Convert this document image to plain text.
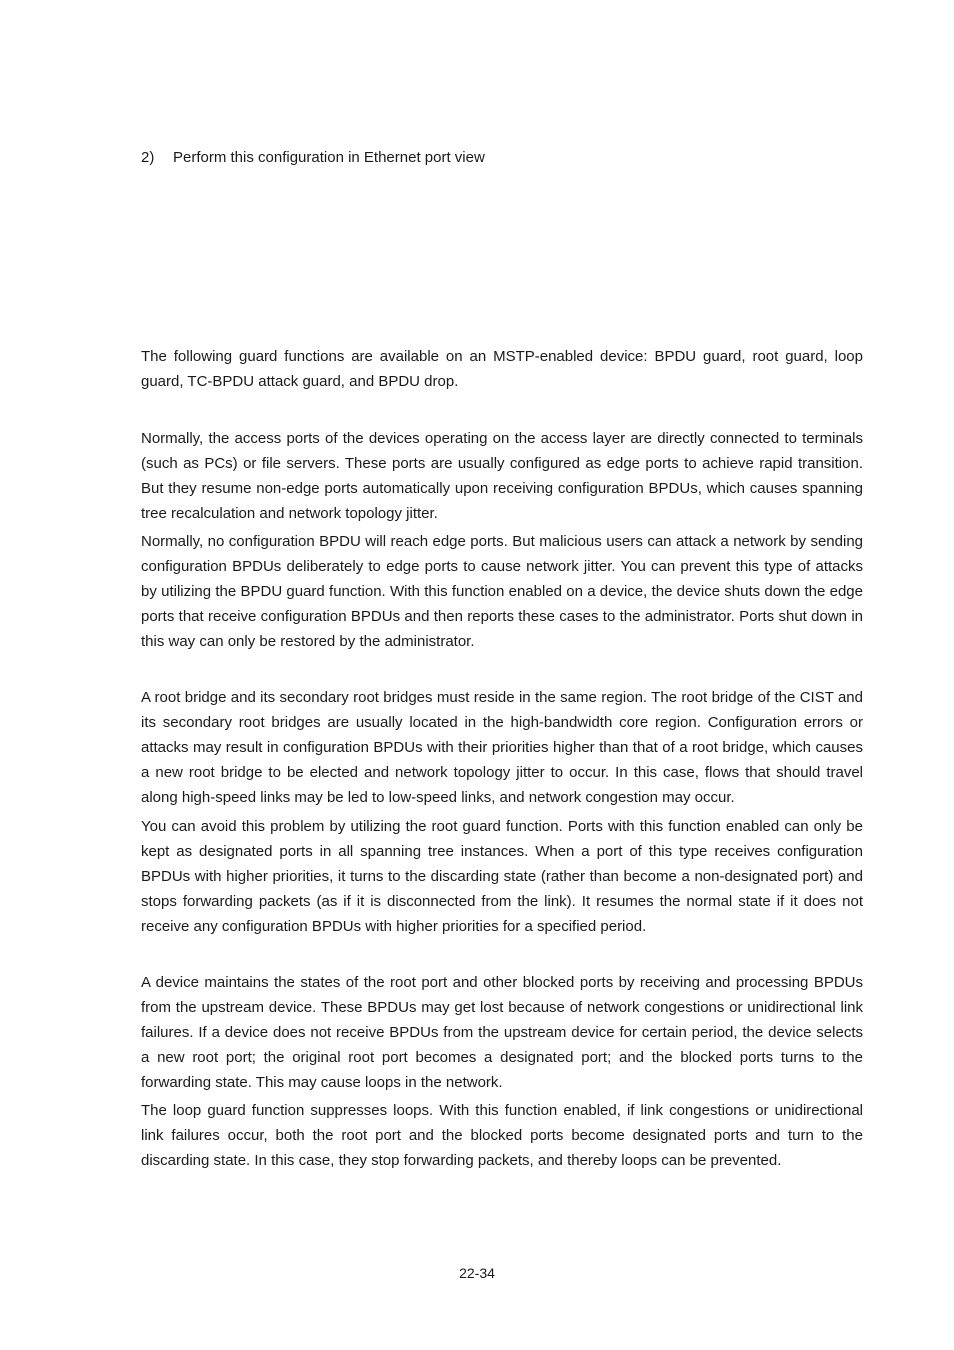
2) Perform this configuration in Ethernet port view

The following guard functions are available on an MSTP-enabled device: BPDU guard, root guard, loop guard, TC-BPDU attack guard, and BPDU drop.

Normally, the access ports of the devices operating on the access layer are directly connected to terminals (such as PCs) or file servers. These ports are usually configured as edge ports to achieve rapid transition. But they resume non-edge ports automatically upon receiving configuration BPDUs, which causes spanning tree recalculation and network topology jitter.

Normally, no configuration BPDU will reach edge ports. But malicious users can attack a network by sending configuration BPDUs deliberately to edge ports to cause network jitter. You can prevent this type of attacks by utilizing the BPDU guard function. With this function enabled on a device, the device shuts down the edge ports that receive configuration BPDUs and then reports these cases to the administrator. Ports shut down in this way can only be restored by the administrator.

A root bridge and its secondary root bridges must reside in the same region. The root bridge of the CIST and its secondary root bridges are usually located in the high-bandwidth core region. Configuration errors or attacks may result in configuration BPDUs with their priorities higher than that of a root bridge, which causes a new root bridge to be elected and network topology jitter to occur. In this case, flows that should travel along high-speed links may be led to low-speed links, and network congestion may occur.

You can avoid this problem by utilizing the root guard function. Ports with this function enabled can only be kept as designated ports in all spanning tree instances. When a port of this type receives configuration BPDUs with higher priorities, it turns to the discarding state (rather than become a non-designated port) and stops forwarding packets (as if it is disconnected from the link). It resumes the normal state if it does not receive any configuration BPDUs with higher priorities for a specified period.

A device maintains the states of the root port and other blocked ports by receiving and processing BPDUs from the upstream device. These BPDUs may get lost because of network congestions or unidirectional link failures. If a device does not receive BPDUs from the upstream device for certain period, the device selects a new root port; the original root port becomes a designated port; and the blocked ports turns to the forwarding state. This may cause loops in the network.

The loop guard function suppresses loops. With this function enabled, if link congestions or unidirectional link failures occur, both the root port and the blocked ports become designated ports and turn to the discarding state. In this case, they stop forwarding packets, and thereby loops can be prevented.

22-34
